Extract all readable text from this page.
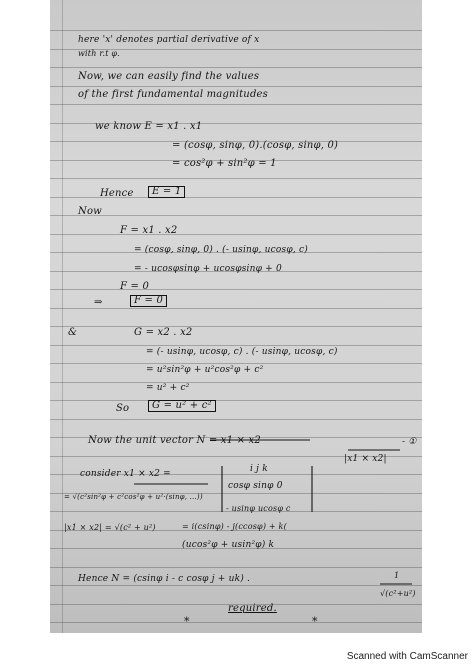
here 'x' denotes partial derivative of x
with r.t φ.
Now, we can easily find the values
of the first fundamental magnitudes
we know E = x1 . x1
= (cosφ, sinφ, 0).(cosφ, sinφ, 0)
= cos²φ + sin²φ = 1
Hence	E = 1
Now
F = x1 . x2
= (cosφ, sinφ, 0) . (- usinφ, ucosφ, c)
= - ucosφsinφ + ucosφsinφ + 0
F = 0
⇒	F = 0
&	G = x2 . x2
= (- usinφ, ucosφ, c) . (- usinφ, ucosφ, c)
= u²sin²φ + u²cos²φ + c²
= u² + c²
So	G = u² + c²
Now the unit vector N = x1 × x2
|x1 × x2|
- ①
consider x1 × x2 =
= √(c²sin²φ + c²cos²φ + u²·(sinφ, ...))
i j k
cosφ sinφ 0
- usinφ ucosφ c
|x1 × x2| = √(c² + u²)	= i(csinφ) - j(ccosφ) + k(
(ucos²φ + usin²φ) k
Hence N = (csinφ i - c cosφ j + uk) .	1
√(c²+u²)
required.
*	*
Scanned with CamScanner
